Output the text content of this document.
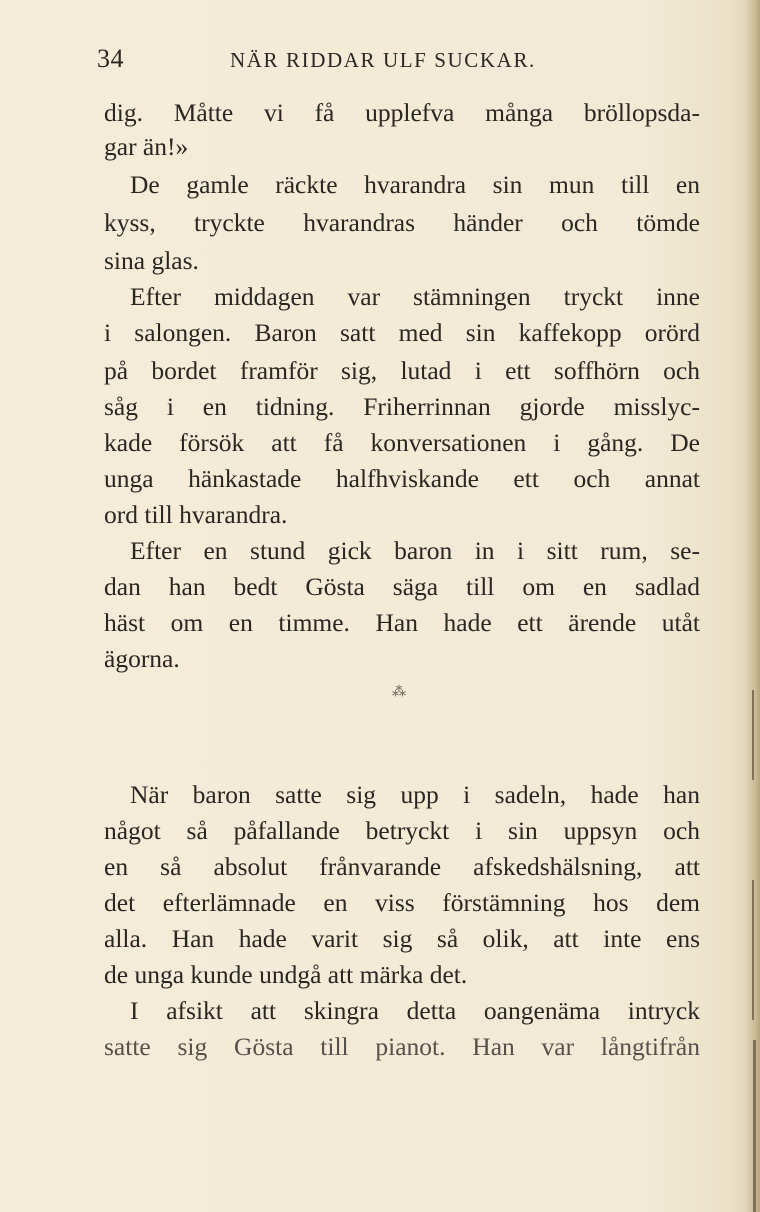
34	NÄR RIDDAR ULF SUCKAR.
dig. Måtte vi få upplefva många bröllopsda-
gar än!»
De gamle räckte hvarandra sin mun till en
kyss, tryckte hvarandras händer och tömde
sina glas.
Efter middagen var stämningen tryckt inne
i salongen. Baron satt med sin kaffekopp orörd
på bordet framför sig, lutad i ett soffhörn och
såg i en tidning. Friherrinnan gjorde misslyc-
kade försök att få konversationen i gång. De
unga hänkastade halfhviskande ett och annat
ord till hvarandra.
Efter en stund gick baron in i sitt rum, se-
dan han bedt Gösta säga till om en sadlad
häst om en timme. Han hade ett ärende utåt
ägorna.
⁂
När baron satte sig upp i sadeln, hade han
något så påfallande betryckt i sin uppsyn och
en så absolut frånvarande afskedshälsning, att
det efterlämnade en viss förstämning hos dem
alla. Han hade varit sig så olik, att inte ens
de unga kunde undgå att märka det.
I afsikt att skingra detta oangenäma intryck
satte sig Gösta till pianot. Han var långtifrån
